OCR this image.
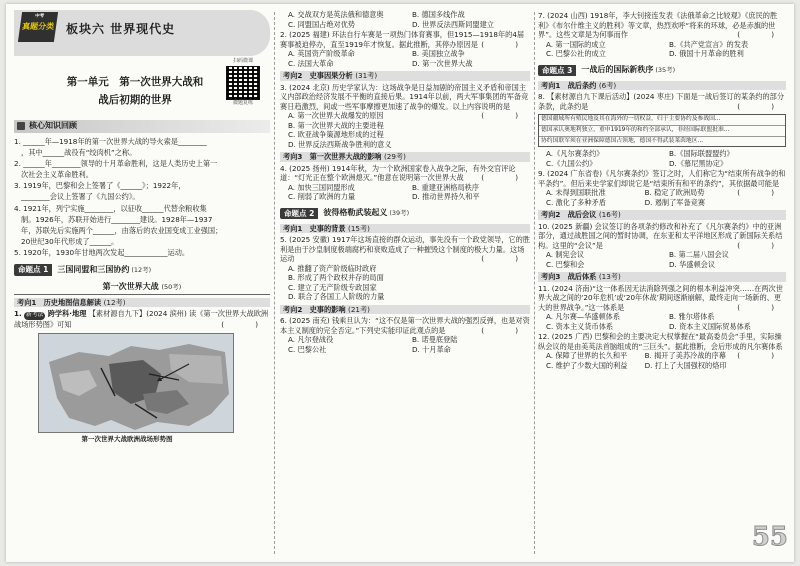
中考
真题分类 板块六 世界现代史
扫码微课
微题复练

第一单元　第一次世界大战和

战后初期的世界

核心知识回顾

1. ______年—1918年的第一次世界大战的导火索是________

，其中______战役有“绞肉机”之称。

2. ______年________领导的十月革命胜利，这是人类历史上第一

次社会主义革命胜利。

3. 1919年，巴黎和会上签署了《______》；1922年，

________会议上签署了《九国公约》。

4. 1921年，列宁实施________，以征收______代替余粮收集

制。1926年，苏联开始进行________建设。1928年—1937

年，苏联先后实施两个______，由落后的农业国变成工业强国；

20世纪30年代形成了______。

5. 1920年，1930年甘地两次发起____________运动。

命题点 1	三国同盟和三国协约 (12考)
第一次世界大战 (50考)
考向1　历史地图信息解读 (12考)
1. 新考法 跨学科·地理 【素材源自九下】(2024 滨州) 读《第一次世界大战欧洲战场形势图》可知	(　)
第一次世界大战欧洲战场形势图
A. 交战双方是英法俄和德意奥	B. 德国多线作战
C. 同盟国占绝对优势	D. 世界反法西斯同盟建立
2. (2025 福建) 环法自行车赛是一项热门体育赛事，但1915—1918年的4届赛事被迫停办，直至1919年才恢复。据此推断，其停办原因是 (　)
A. 英国资产阶级革命	B. 美国独立战争
C. 法国大革命	D. 第一次世界大战
考向2　史事因果分析 (31考)
3. (2024 北京) 历史学家认为：这场战争是日益加剧的帝国主义矛盾和帝国主义内部政治经济发展不平衡的直接后果。1914年以前，两大军事集团的军备竞赛日趋激烈，间或一些军事摩擦更加速了战争的爆发。以上内容说明的是
(　)

A. 第一次世界大战爆发的原因

B. 第一次世界大战的主要进程

C. 欧亚战争策源地形成的过程

D. 世界反法西斯战争胜利的意义

考向3　第一次世界大战的影响 (29考)
4. (2025 扬州) 1914年秋，为一个欧洲国家卷入战争之际，有外交官评论道：“灯光正在整个欧洲熄灭。”他意在说明第一次世界大战 (　)
A. 加快三国同盟形成	B. 重建亚洲格局秩序
C. 削弱了欧洲的力量	D. 推动世界持久和平
命题点 2	彼得格勒武装起义 (39考)
考向1　史事的背景 (15考)
5. (2025 安徽) 1917年这场直接的群众运动，事先没有一个政党领导，它的胜利是由于沙皇制度极端腐朽和衰败造成了一种摧毁这个制度的极大力量。这场运动	(　)

A. 推翻了资产阶级临时政府

B. 形成了两个政权并存的局面

C. 建立了无产阶级专政国家

D. 联合了各国工人阶级的力量

考向2　史事的影响 (21考)
6. (2025 南充) 钱乘旦认为：“这不仅是第一次世界大战的强烈反弹，也是对资本主义制度的完全否定。”下列史实能印证此观点的是	(　)
A. 凡尔登战役	B. 诺曼底登陆
C. 巴黎公社	D. 十月革命
7. (2024 山西) 1918年，李大钊接连发表《法俄革命之比较观》《庶民的胜利》《布尔什维主义的胜利》等文章，热烈欢呼“将来的环球，必是赤旗的世界”。这些文章是为何事而作	(　)
A. 第一国际的成立	B.《共产党宣言》的发表
C. 巴黎公社的成立	D. 俄国十月革命的胜利
命题点 3	一战后的国际新秩序 (35考)
考向1　战后条约 (6考)
8. 【素材源自九下课后活动】(2024 枣庄) 下面是一战后签订的某条约的部分条款，此条约是	(　)
德国疆域所有殖民地及其在海外的一切权益，归于主要协约及参战国...
德国承认奥地利独立，重申1919年的和约全部承认，非经国际联盟批准...
协约国联军须在亚洲保障德国占领地，德国不得武装莱茵地区...
A.《凡尔赛条约》	B.《国际联盟盟约》
C.《九国公约》	D.《慕尼黑协定》
9. (2024 广东省卷)《凡尔赛条约》签订之时，人们称它为“结束所有战争的和平条约”。但后来史学家们却说它是“结束所有和平的条约”，其依据最可能是
(　)
A. 未得到国联批准	B. 稳定了欧洲局势
C. 激化了多种矛盾	D. 遏制了军备竞赛
考向2　战后会议 (16考)
10. (2025 新疆) 会议签订的各项条约修改和补充了《凡尔赛条约》中的亚洲部分，通过战胜国之间的暂时协调，在东亚和太平洋地区形成了新国际关系结构。这里的“会议”是	(　)
A. 制宪会议	B. 第二届八国会议
C. 巴黎和会	D. 华盛顿会议
考向3　战后体系 (13考)
11. (2024 济南)“这一体系因无法消除列强之间的根本利益冲突……在两次世界大战之间的‘20年危机’或‘20年休战’期间逐渐崩解，最终走向一场新的、更大的世界战争。”这一体系是	(　)
A. 凡尔赛—华盛顿体系	B. 雅尔塔体系
C. 资本主义货币体系	D. 资本主义国际贸易体系
12. (2025 广西) 巴黎和会的主要决定大权掌握在“最高委员会”手里，实际操纵会议的是由美英法首脑组成的“三巨头”。据此推断，会后形成的凡尔赛体系
(　)
A. 保障了世界的长久和平	B. 揭开了美苏冷战的序幕
C. 维护了少数大国的利益	D. 打上了大国强权的烙印
55
